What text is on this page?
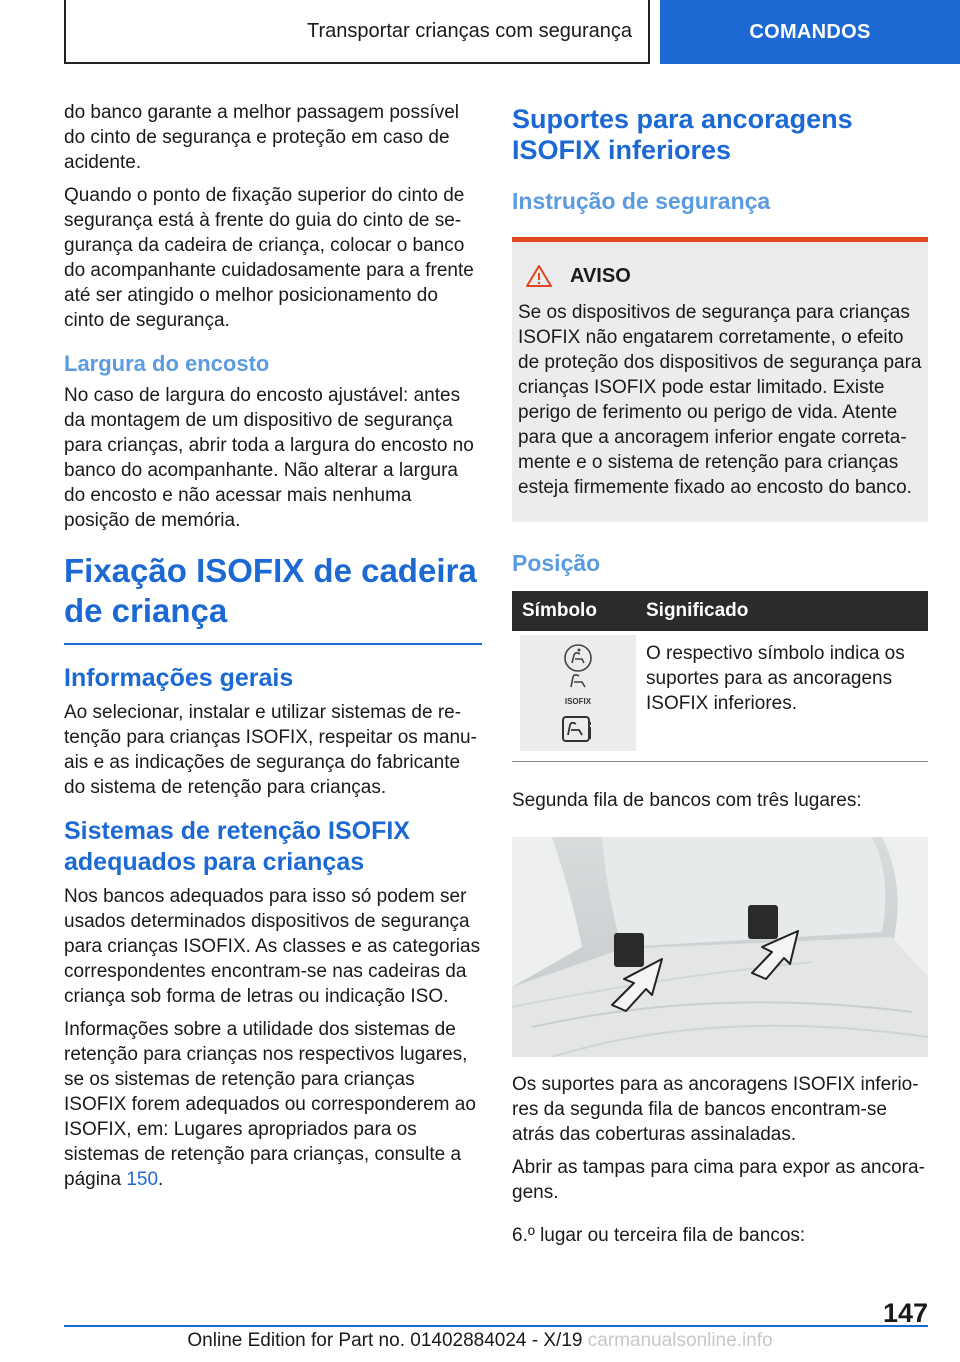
Transportar crianças com segurança	COMANDOS

do banco garante a melhor passagem possível do cinto de segurança e proteção em caso de acidente.

Quando o ponto de fixação superior do cinto de segurança está à frente do guia do cinto de segurança da cadeira de criança, colocar o banco do acompanhante cuidadosamente para a frente até ser atingido o melhor posicionamento do cinto de segurança.

Largura do encosto

No caso de largura do encosto ajustável: antes da montagem de um dispositivo de segurança para crianças, abrir toda a largura do encosto no banco do acompanhante. Não alterar a largura do encosto e não acessar mais nenhuma posição de memória.

Fixação ISOFIX de cadeira de criança
Informações gerais

Ao selecionar, instalar e utilizar sistemas de retenção para crianças ISOFIX, respeitar os manuais e as indicações de segurança do fabricante do sistema de retenção para crianças.

Sistemas de retenção ISOFIX adequados para crianças

Nos bancos adequados para isso só podem ser usados determinados dispositivos de segurança para crianças ISOFIX. As classes e as categorias correspondentes encontram-se nas cadeiras da criança sob forma de letras ou indicação ISO.

Informações sobre a utilidade dos sistemas de retenção para crianças nos respectivos lugares, se os sistemas de retenção para crianças ISOFIX forem adequados ou corresponderem ao ISOFIX, em: Lugares apropriados para os sistemas de retenção para crianças, consulte a página 150.

Suportes para ancoragens ISOFIX inferiores
Instrução de segurança
AVISO

Se os dispositivos de segurança para crianças ISOFIX não engatarem corretamente, o efeito de proteção dos dispositivos de segurança para crianças ISOFIX pode estar limitado. Existe perigo de ferimento ou perigo de vida. Atente para que a ancoragem inferior engate corretamente e o sistema de retenção para crianças esteja firmemente fixado ao encosto do banco.

Posição
Símbolo	Significado

ISOFIX	O respectivo símbolo indica os suportes para as ancoragens ISOFIX inferiores.

Segunda fila de bancos com três lugares:

Os suportes para as ancoragens ISOFIX inferiores da segunda fila de bancos encontram-se atrás das coberturas assinaladas.

Abrir as tampas para cima para expor as ancoragens.

6.º lugar ou terceira fila de bancos:

147
Online Edition for Part no. 01402884024 - X/19 carmanualsonline.info
